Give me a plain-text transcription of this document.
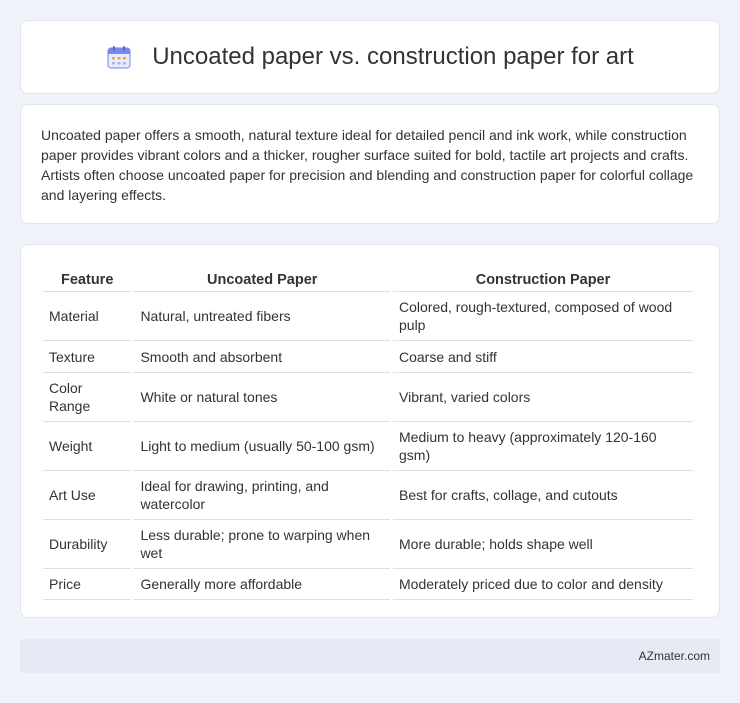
Uncoated paper vs. construction paper for art

Uncoated paper offers a smooth, natural texture ideal for detailed pencil and ink work, while construction paper provides vibrant colors and a thicker, rougher surface suited for bold, tactile art projects and crafts. Artists often choose uncoated paper for precision and blending and construction paper for colorful collage and layering effects.

Feature	Uncoated Paper	Construction Paper
Material	Natural, untreated fibers	Colored, rough-textured, composed of wood pulp
Texture	Smooth and absorbent	Coarse and stiff
Color Range	White or natural tones	Vibrant, varied colors
Weight	Light to medium (usually 50-100 gsm)	Medium to heavy (approximately 120-160 gsm)
Art Use	Ideal for drawing, printing, and watercolor	Best for crafts, collage, and cutouts
Durability	Less durable; prone to warping when wet	More durable; holds shape well
Price	Generally more affordable	Moderately priced due to color and density
AZmater.com
